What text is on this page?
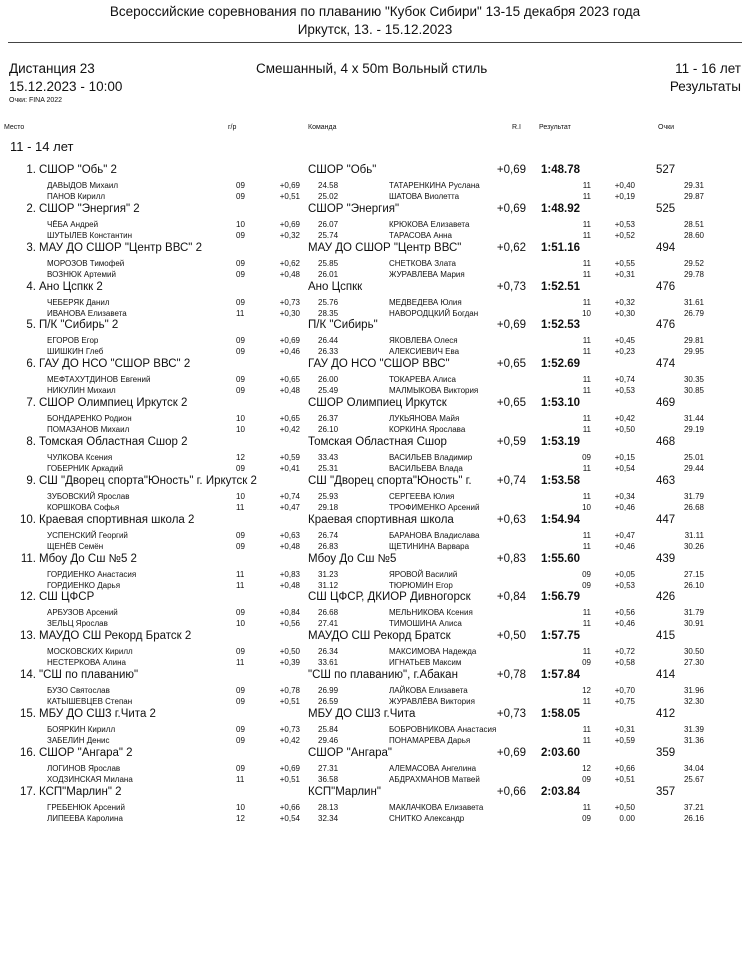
Всероссийские соревнования по плаванию "Кубок Сибири" 13-15 декабря 2023 года
Иркутск, 13. - 15.12.2023
Дистанция 23
15.12.2023 - 10:00
Смешанный, 4 x 50m Вольный стиль	11 - 16 лет
Результаты
Очки: FINA 2022
Место	г/р	Команда	R.I	Результат	Очки
11 - 14 лет
1. СШОР "Обь" 2	СШОР "Обь"	+0,69 1:48.78	527
ДАВЫДОВ Михаил	09	+0,69 24.58	ТАТАРЕНКИНА Руслана	11	+0,40	29.31
ПАНОВ Кирилл	09	+0,51 25.02	ШАТОВА Виолетта	11	+0,19	29.87
2. СШОР "Энергия" 2	СШОР "Энергия"	+0,69 1:48.92	525
ЧЁБА Андрей	10	+0,69 26.07	КРЮКОВА Елизавета	11	+0,53	28.51
ШУТЫЛЕВ Константин	09	+0,32 25.74	ТАРАСОВА Анна	11	+0,52	28.60
3. МАУ ДО СШОР "Центр ВВС" 2	МАУ ДО СШОР "Центр ВВС"	+0,62 1:51.16	494
МОРОЗОВ Тимофей	09	+0,62 25.85	СНЕТКОВА Злата	11	+0,55	29.52
ВОЗНЮК Артемий	09	+0,48 26.01	ЖУРАВЛЕВА Мария	11	+0,31	29.78
4. Ано Цспкк 2	Ано Цспкк	+0,73 1:52.51	476
ЧЕБЕРЯК Данил	09	+0,73 25.76	МЕДВЕДЕВА Юлия	11	+0,32	31.61
ИВАНОВА Елизавета	11	+0,30 28.35	НАВОРОДЦКИЙ Богдан	10	+0,30	26.79
5. П/К "Сибирь" 2	П/К "Сибирь"	+0,69 1:52.53	476
ЕГОРОВ Егор	09	+0,69 26.44	ЯКОВЛЕВА Олеся	11	+0,45	29.81
ШИШКИН Глеб	09	+0,46 26.33	АЛЕКСИЕВИЧ Ева	11	+0,23	29.95
6. ГАУ ДО НСО "СШОР ВВС" 2	ГАУ ДО НСО "СШОР ВВС"	+0,65 1:52.69	474
МЕФТАХУТДИНОВ Евгений	09	+0,65 26.00	ТОКАРЕВА Алиса	11	+0,74	30.35
НИКУЛИН Михаил	09	+0,48 25.49	МАЛМЫКОВА Виктория	11	+0,53	30.85
7. СШОР Олимпиец Иркутск 2	СШОР Олимпиец Иркутск	+0,65 1:53.10	469
БОНДАРЕНКО Родион	10	+0,65 26.37	ЛУКЬЯНОВА Майя	11	+0,42	31.44
ПОМАЗАНОВ Михаил	10	+0,42 26.10	КОРКИНА Ярослава	11	+0,50	29.19
8. Томская Областная Сшор 2	Томская Областная Сшор	+0,59 1:53.19	468
ЧУЛКОВА Ксения	12	+0,59 33.43	ВАСИЛЬЕВ Владимир	09	+0,15	25.01
ГОБЕРНИК Аркадий	09	+0,41 25.31	ВАСИЛЬЕВА Влада	11	+0,54	29.44
9. СШ "Дворец спорта"Юность" г. Иркутск 2	СШ "Дворец спорта"Юность" г.	+0,74 1:53.58	463
ЗУБОВСКИЙ Ярослав	10	+0,74 25.93	СЕРГЕЕВА Юлия	11	+0,34	31.79
КОРШКОВА Софья	11	+0,47 29.18	ТРОФИМЕНКО Арсений	10	+0,46	26.68
10. Краевая спортивная школа 2	Краевая спортивная школа	+0,63 1:54.94	447
УСПЕНСКИЙ Георгий	09	+0,63 26.74	БАРАНОВА Владислава	11	+0,47	31.11
ЩЕНЁВ Семён	09	+0,48 26.83	ЩЕТИНИНА Варвара	11	+0,46	30.26
11. Мбоу До Сш №5 2	Мбоу До Сш №5	+0,83 1:55.60	439
ГОРДИЕНКО Анастасия	11	+0,83 31.23	ЯРОВОЙ Василий	09	+0,05	27.15
ГОРДИЕНКО Дарья	11	+0,48 31.12	ТЮРЮМИН Егор	09	+0,53	26.10
12. СШ ЦФСР	СШ ЦФСР, ДКИОР Дивногорск	+0,84 1:56.79	426
АРБУЗОВ Арсений	09	+0,84 26.68	МЕЛЬНИКОВА Ксения	11	+0,56	31.79
ЗЕЛЬЦ Ярослав	10	+0,56 27.41	ТИМОШИНА Алиса	11	+0,46	30.91
13. МАУДО СШ Рекорд Братск 2	МАУДО СШ Рекорд Братск	+0,50 1:57.75	415
МОСКОВСКИХ Кирилл	09	+0,50 26.34	МАКСИМОВА Надежда	11	+0,72	30.50
НЕСТЕРКОВА Алина	11	+0,39 33.61	ИГНАТЬЕВ Максим	09	+0,58	27.30
14. "СШ по плаванию"	"СШ по плаванию", г.Абакан	+0,78 1:57.84	414
БУЗО Святослав	09	+0,78 26.99	ЛАЙКОВА Елизавета	12	+0,70	31.96
КАТЫШЕВЦЕВ Степан	09	+0,51 26.59	ЖУРАВЛЁВА Виктория	11	+0,75	32.30
15. МБУ ДО СШ3 г.Чита 2	МБУ ДО СШ3 г.Чита	+0,73 1:58.05	412
БОЯРКИН Кирилл	09	+0,73 25.84	БОБРОВНИКОВА Анастасия	11	+0,31	31.39
ЗАБЕЛИН Денис	09	+0,42 29.46	ПОНАМАРЕВА Дарья	11	+0,59	31.36
16. СШОР "Ангара" 2	СШОР "Ангара"	+0,69 2:03.60	359
ЛОГИНОВ Ярослав	09	+0,69 27.31	АЛЕМАСОВА Ангелина	12	+0,66	34.04
ХОДЗИНСКАЯ Милана	11	+0,51 36.58	АБДРАХМАНОВ Матвей	09	+0,51	25.67
17. КСП"Марлин" 2	КСП"Марлин"	+0,66 2:03.84	357
ГРЕБЕНЮК Арсений	10	+0,66 28.13	МАКЛАЧКОВА Елизавета	11	+0,50	37.21
ЛИПЕЕВА Каролина	12	+0,54 32.34	СНИТКО Александр	09	0.00	26.16
